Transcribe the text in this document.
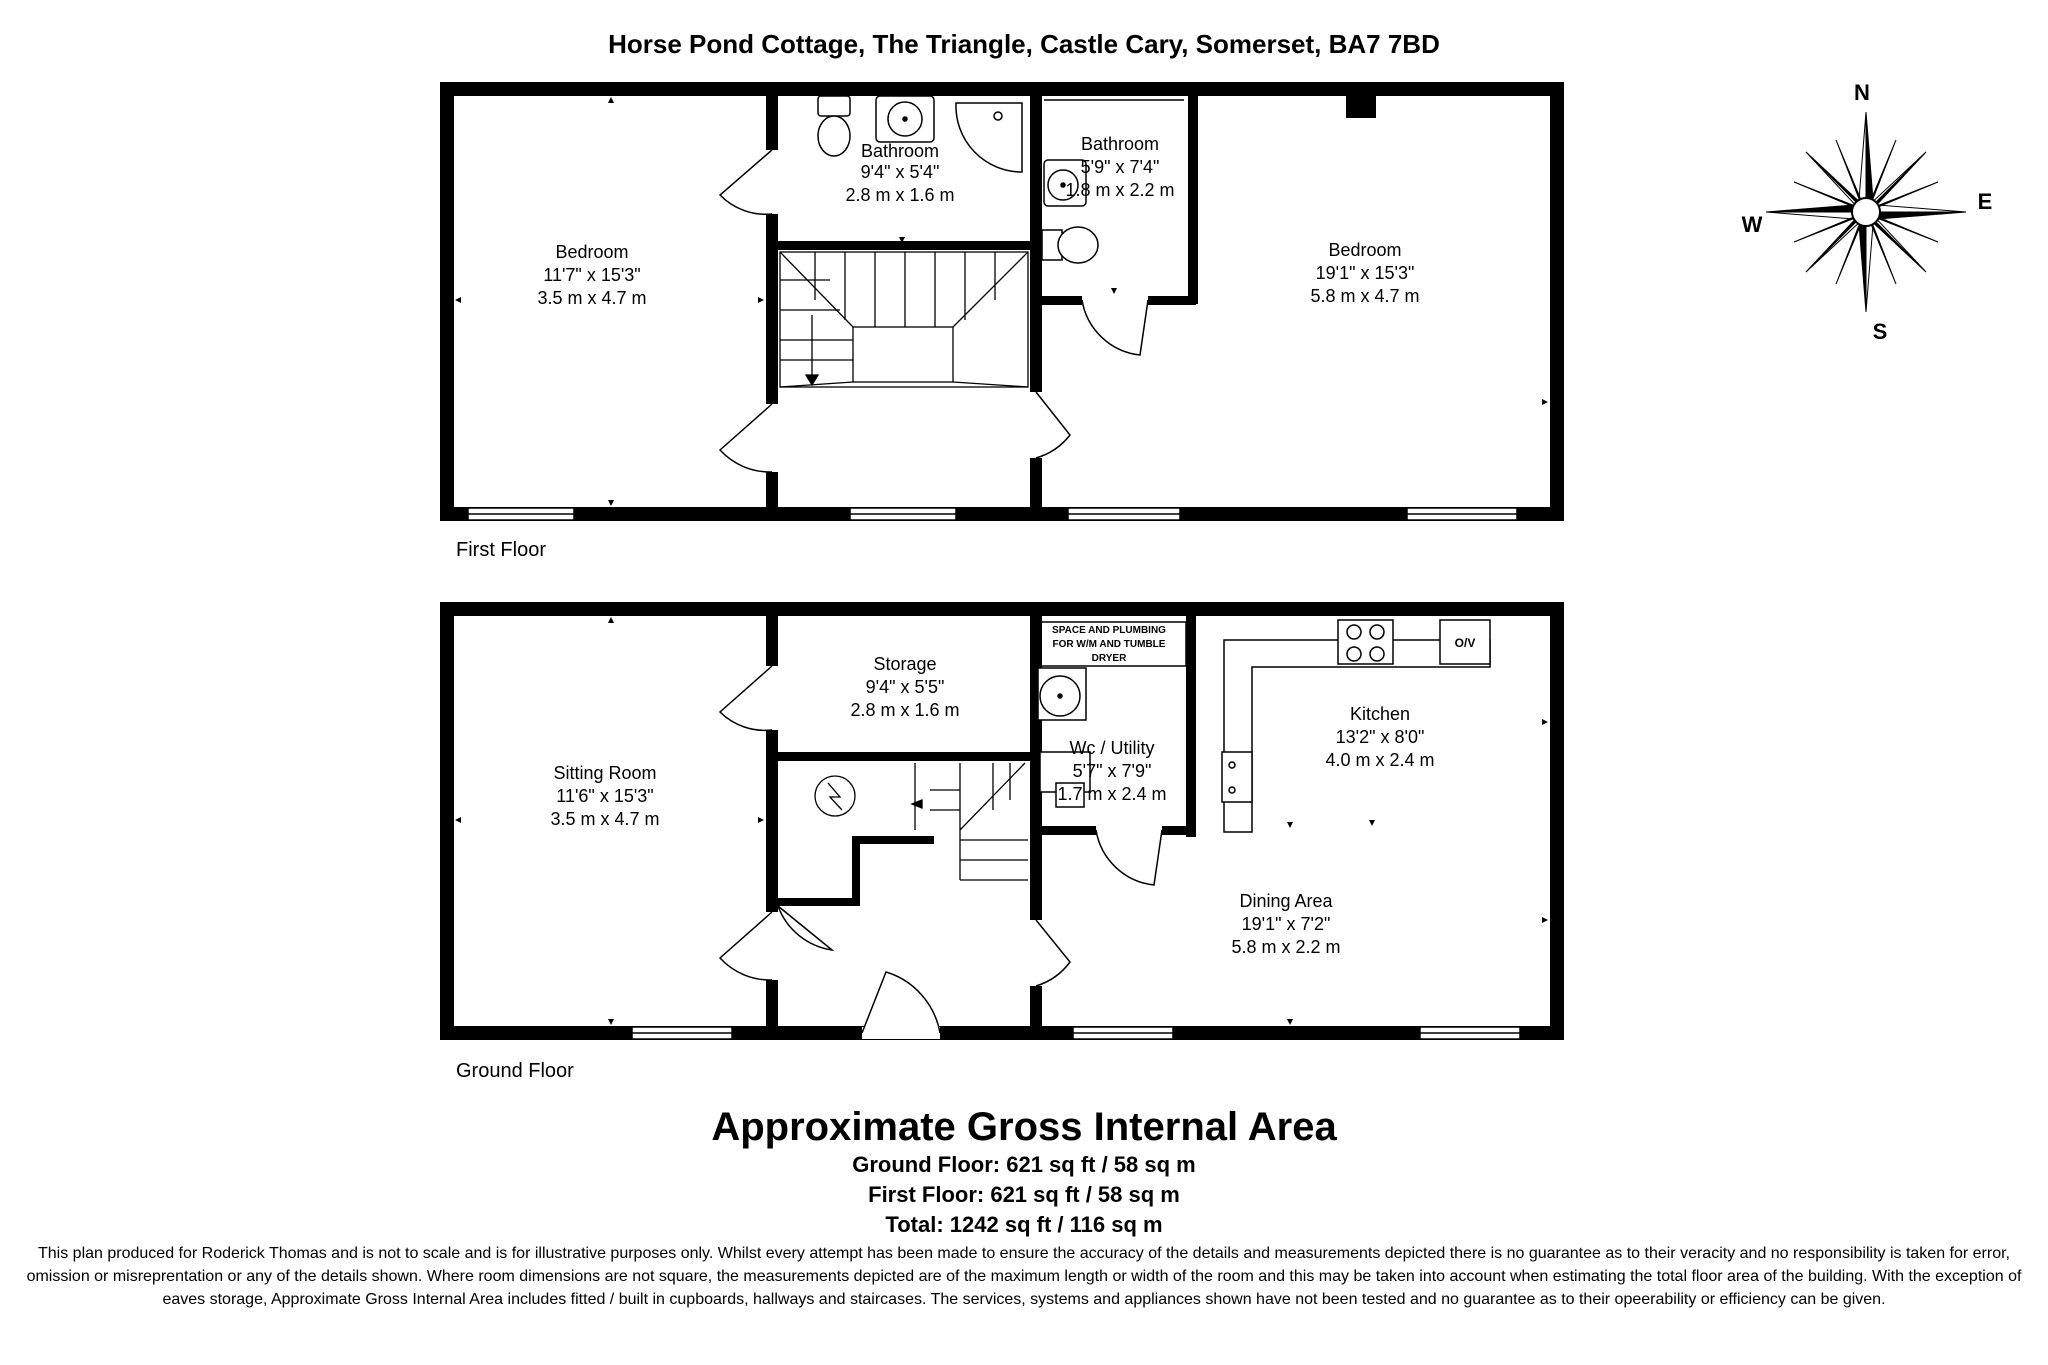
Horse Pond Cottage, The Triangle, Castle Cary, Somerset, BA7 7BD
Bedroom
11'7" x 15'3"
3.5 m x 4.7 m
Bathroom
9'4" x 5'4"
2.8 m x 1.6 m
Bathroom
5'9" x 7'4"
1.8 m x 2.2 m
Bedroom
19'1" x 15'3"
5.8 m x 4.7 m
First Floor
O/V
SPACE AND PLUMBING
FOR W/M AND TUMBLE
DRYER
Sitting Room
11'6" x 15'3"
3.5 m x 4.7 m
Storage
9'4" x 5'5"
2.8 m x 1.6 m
Wc / Utility
5'7" x 7'9"
1.7 m x 2.4 m
Kitchen
13'2" x 8'0"
4.0 m x 2.4 m
Dining Area
19'1" x 7'2"
5.8 m x 2.2 m
Ground Floor
N
E
S
W
Approximate Gross Internal Area
Ground Floor: 621 sq ft / 58 sq m
First Floor: 621 sq ft / 58 sq m
Total: 1242 sq ft / 116 sq m

This plan produced for Roderick Thomas and is not to scale and is for illustrative purposes only. Whilst every attempt has been made to ensure the accuracy of the details and measurements depicted there is no guarantee as to their veracity and no responsibility is taken for error, omission or misreprentation or any of the details shown. Where room dimensions are not square, the measurements depicted are of the maximum length or width of the room and this may be taken into account when estimating the total floor area of the building. With the exception of eaves storage, Approximate Gross Internal Area includes fitted / built in cupboards, hallways and staircases. The services, systems and appliances shown have not been tested and no guarantee as to their opeerability or efficiency can be given.
